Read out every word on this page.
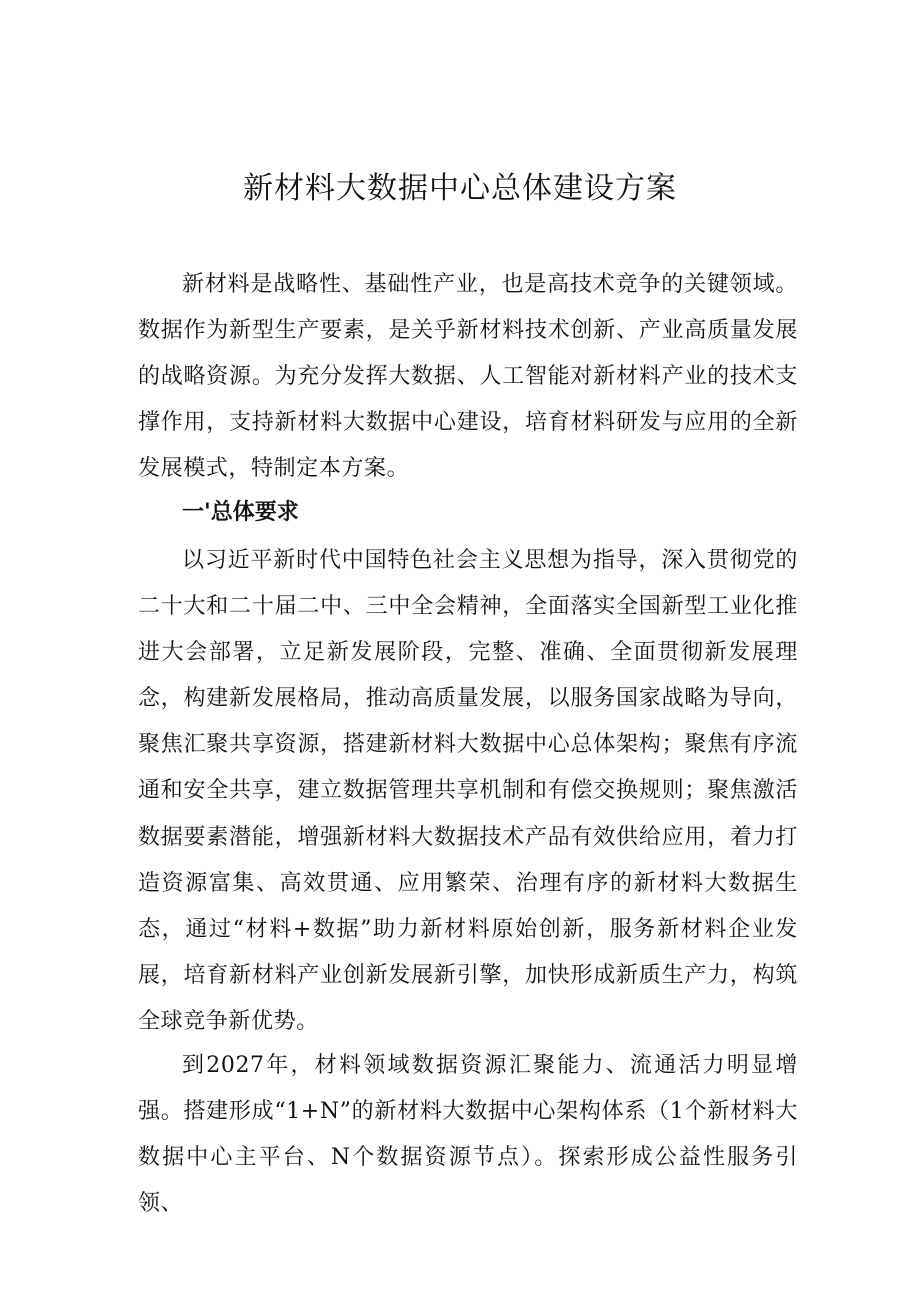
新材料大数据中心总体建设方案

新材料是战略性、基础性产业，也是高技术竞争的关键领域。数据作为新型生产要素，是关乎新材料技术创新、产业高质量发展的战略资源。为充分发挥大数据、人工智能对新材料产业的技术支撑作用，支持新材料大数据中心建设，培育材料研发与应用的全新发展模式，特制定本方案。

一'总体要求

以习近平新时代中国特色社会主义思想为指导，深入贯彻党的二十大和二十届二中、三中全会精神，全面落实全国新型工业化推进大会部署，立足新发展阶段，完整、准确、全面贯彻新发展理念，构建新发展格局，推动高质量发展，以服务国家战略为导向，聚焦汇聚共享资源，搭建新材料大数据中心总体架构；聚焦有序流通和安全共享，建立数据管理共享机制和有偿交换规则；聚焦激活数据要素潜能，增强新材料大数据技术产品有效供给应用，着力打造资源富集、高效贯通、应用繁荣、治理有序的新材料大数据生态，通过“材料+数据”助力新材料原始创新，服务新材料企业发展，培育新材料产业创新发展新引擎，加快形成新质生产力，构筑全球竞争新优势。

到2027年，材料领域数据资源汇聚能力、流通活力明显增强。搭建形成“1+N”的新材料大数据中心架构体系（1个新材料大数据中心主平台、N个数据资源节点）。探索形成公益性服务引领、
